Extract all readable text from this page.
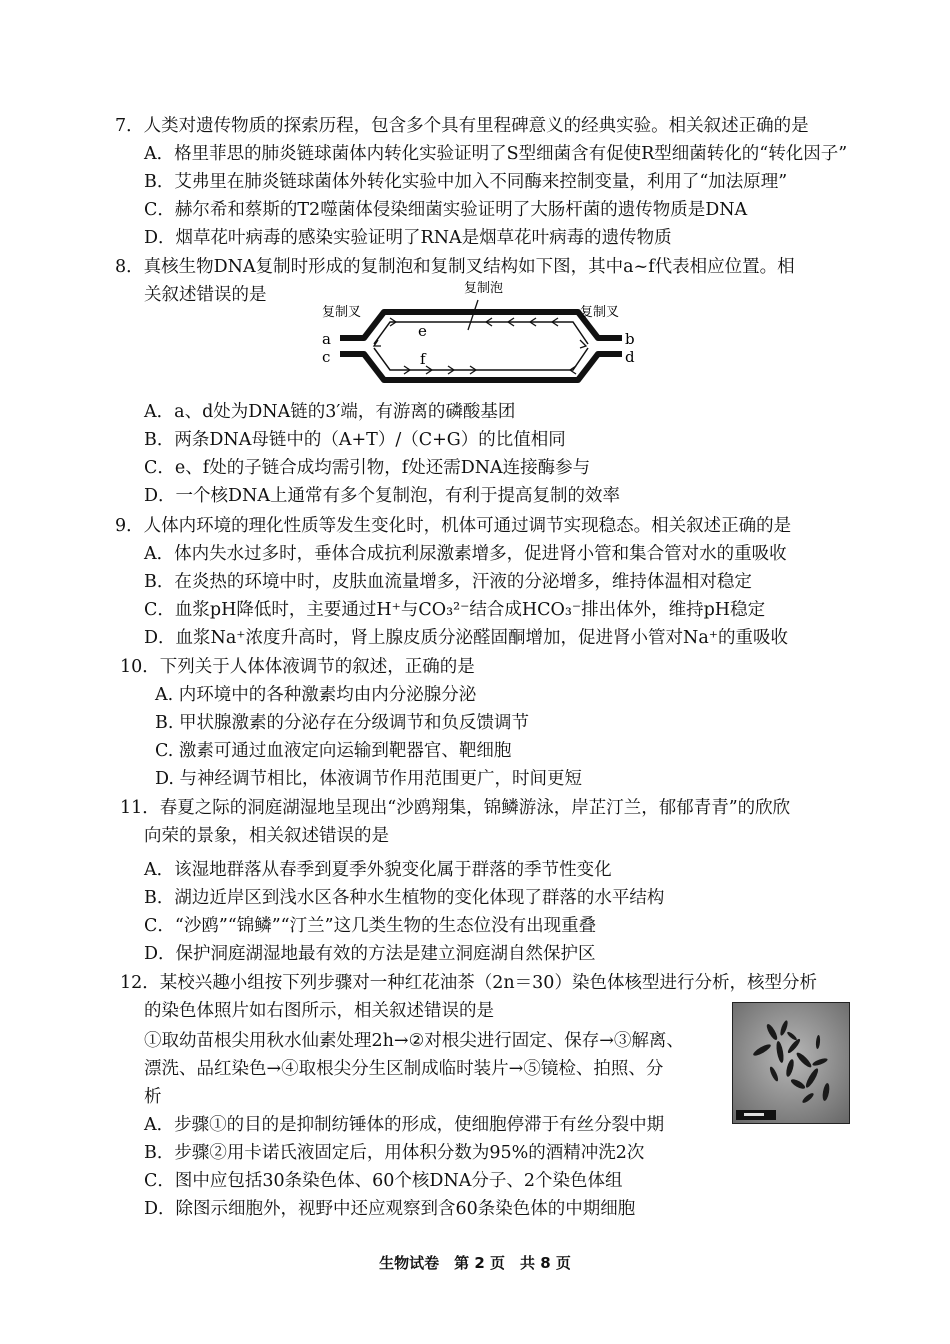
7．人类对遗传物质的探索历程，包含多个具有里程碑意义的经典实验。相关叙述正确的是
A．格里菲思的肺炎链球菌体内转化实验证明了S型细菌含有促使R型细菌转化的“转化因子”
B．艾弗里在肺炎链球菌体外转化实验中加入不同酶来控制变量，利用了“加法原理”
C．赫尔希和蔡斯的T2噬菌体侵染细菌实验证明了大肠杆菌的遗传物质是DNA
D．烟草花叶病毒的感染实验证明了RNA是烟草花叶病毒的遗传物质
8．真核生物DNA复制时形成的复制泡和复制叉结构如下图，其中a~f代表相应位置。相
关叙述错误的是	复制泡
复制叉	复制叉
a
c
b
d
e
f
A．a、d处为DNA链的3′端，有游离的磷酸基团
B．两条DNA母链中的（A+T）/（C+G）的比值相同
C．e、f处的子链合成均需引物，f处还需DNA连接酶参与
D．一个核DNA上通常有多个复制泡，有利于提高复制的效率
9．人体内环境的理化性质等发生变化时，机体可通过调节实现稳态。相关叙述正确的是
A．体内失水过多时，垂体合成抗利尿激素增多，促进肾小管和集合管对水的重吸收
B．在炎热的环境中时，皮肤血流量增多，汗液的分泌增多，维持体温相对稳定
C．血浆pH降低时，主要通过H⁺与CO₃²⁻结合成HCO₃⁻排出体外，维持pH稳定
D．血浆Na⁺浓度升高时，肾上腺皮质分泌醛固酮增加，促进肾小管对Na⁺的重吸收
10．下列关于人体体液调节的叙述，正确的是
A. 内环境中的各种激素均由内分泌腺分泌
B. 甲状腺激素的分泌存在分级调节和负反馈调节
C. 激素可通过血液定向运输到靶器官、靶细胞
D. 与神经调节相比，体液调节作用范围更广，时间更短
11．春夏之际的洞庭湖湿地呈现出“沙鸥翔集，锦鳞游泳，岸芷汀兰，郁郁青青”的欣欣
向荣的景象，相关叙述错误的是
A．该湿地群落从春季到夏季外貌变化属于群落的季节性变化
B．湖边近岸区到浅水区各种水生植物的变化体现了群落的水平结构
C．“沙鸥”“锦鳞”“汀兰”这几类生物的生态位没有出现重叠
D．保护洞庭湖湿地最有效的方法是建立洞庭湖自然保护区
12．某校兴趣小组按下列步骤对一种红花油茶（2n＝30）染色体核型进行分析，核型分析
的染色体照片如右图所示，相关叙述错误的是
①取幼苗根尖用秋水仙素处理2h→②对根尖进行固定、保存→③解离、
漂洗、品红染色→④取根尖分生区制成临时装片→⑤镜检、拍照、分
析
A．步骤①的目的是抑制纺锤体的形成，使细胞停滞于有丝分裂中期
B．步骤②用卡诺氏液固定后，用体积分数为95%的酒精冲洗2次
C．图中应包括30条染色体、60个核DNA分子、2个染色体组
D．除图示细胞外，视野中还应观察到含60条染色体的中期细胞
生物试卷　第 2 页　共 8 页
